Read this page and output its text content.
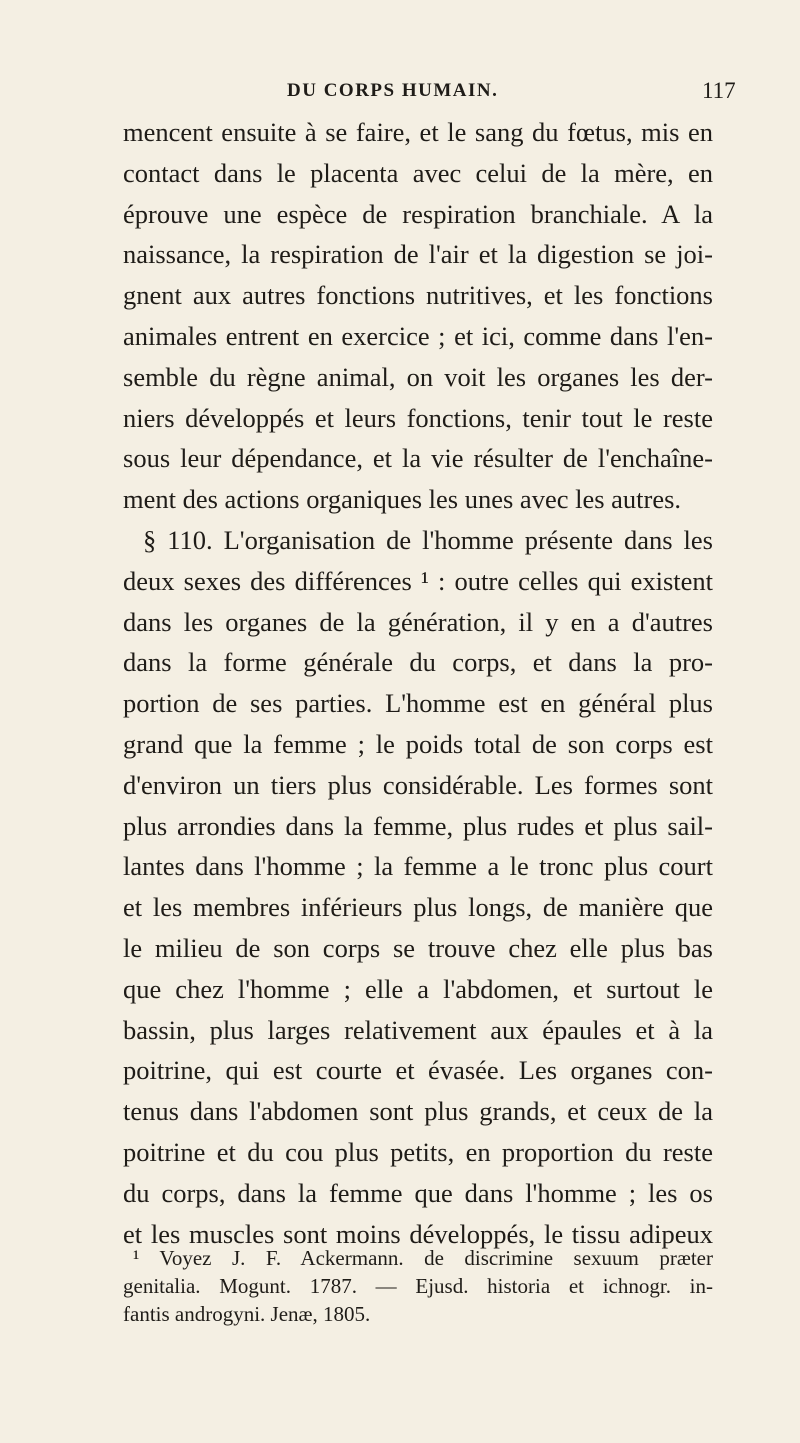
DU CORPS HUMAIN.	117
mencent ensuite à se faire, et le sang du fœtus, mis en
contact dans le placenta avec celui de la mère, en
éprouve une espèce de respiration branchiale. A la
naissance, la respiration de l'air et la digestion se joi-
gnent aux autres fonctions nutritives, et les fonctions
animales entrent en exercice ; et ici, comme dans l'en-
semble du règne animal, on voit les organes les der-
niers développés et leurs fonctions, tenir tout le reste
sous leur dépendance, et la vie résulter de l'enchaîne-
ment des actions organiques les unes avec les autres.
§ 110. L'organisation de l'homme présente dans les
deux sexes des différences ¹ : outre celles qui existent
dans les organes de la génération, il y en a d'autres
dans la forme générale du corps, et dans la pro-
portion de ses parties. L'homme est en général plus
grand que la femme ; le poids total de son corps est
d'environ un tiers plus considérable. Les formes sont
plus arrondies dans la femme, plus rudes et plus sail-
lantes dans l'homme ; la femme a le tronc plus court
et les membres inférieurs plus longs, de manière que
le milieu de son corps se trouve chez elle plus bas
que chez l'homme ; elle a l'abdomen, et surtout le
bassin, plus larges relativement aux épaules et à la
poitrine, qui est courte et évasée. Les organes con-
tenus dans l'abdomen sont plus grands, et ceux de la
poitrine et du cou plus petits, en proportion du reste
du corps, dans la femme que dans l'homme ; les os
et les muscles sont moins développés, le tissu adipeux
¹ Voyez J. F. Ackermann. de discrimine sexuum præter
genitalia. Mogunt. 1787. — Ejusd. historia et ichnogr. in-
fantis androgyni. Jenæ, 1805.
